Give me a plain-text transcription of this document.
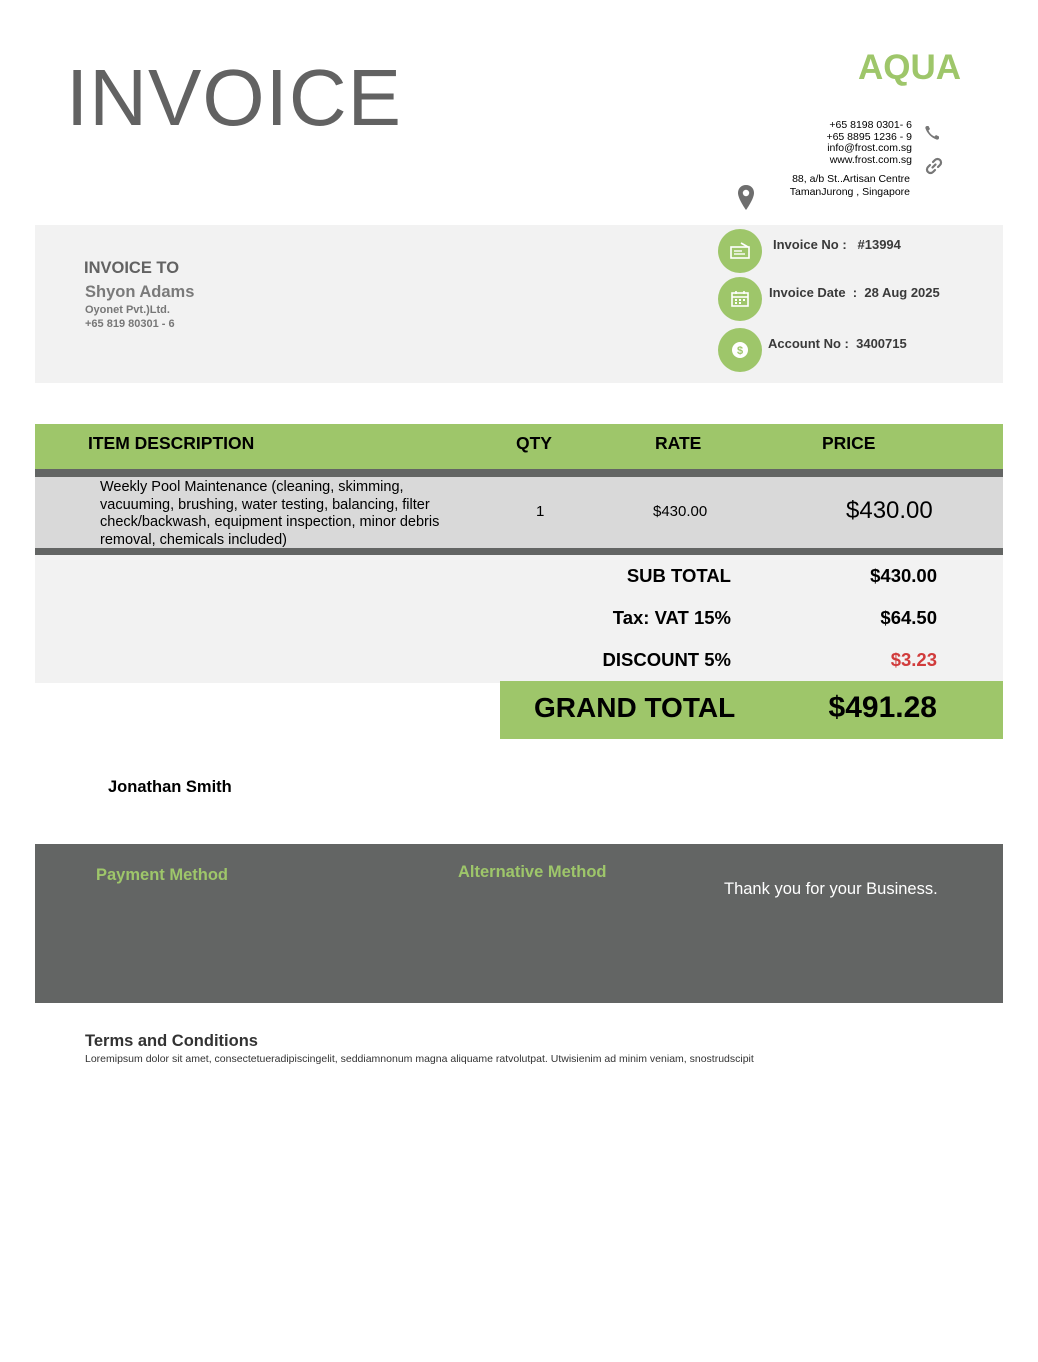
INVOICE	AQUA
+65 8198 0301- 6
+65 8895 1236 - 9
info@frost.com.sg
www.frost.com.sg
88, a/b St..Artisan Centre
TamanJurong , Singapore
INVOICE TO
Shyon Adams
Oyonet Pvt.)Ltd.
+65 819 80301 - 6
$
Invoice No :   #13994
Invoice Date  :  28 Aug 2025
Account No :  3400715
ITEM DESCRIPTION	QTY	RATE	PRICE
Weekly Pool Maintenance (cleaning, skimming, vacuuming, brushing, water testing, balancing, filter check/backwash, equipment inspection, minor debris removal, chemicals included)
1	$430.00	$430.00
SUB TOTAL	$430.00
Tax: VAT 15%	$64.50
DISCOUNT 5%	$3.23
GRAND TOTAL	$491.28
Jonathan Smith
Payment Method	Alternative Method
Thank you for your Business.
Terms and Conditions
Loremipsum dolor sit amet, consectetueradipiscingelit, seddiamnonum magna aliquame ratvolutpat. Utwisienim ad minim veniam, snostrudscipit
